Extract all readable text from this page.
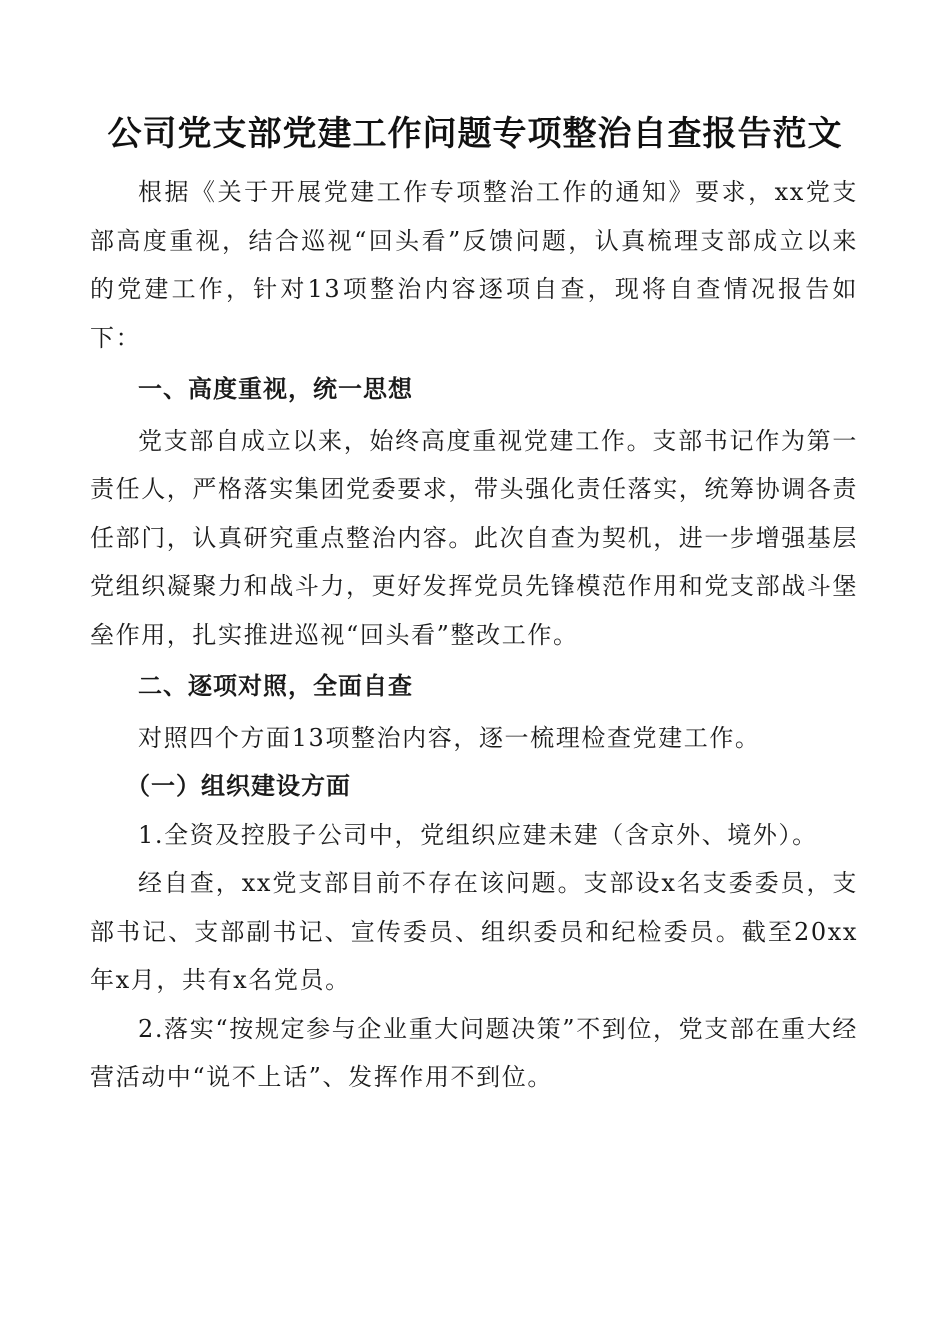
公司党支部党建工作问题专项整治自查报告范文

根据《关于开展党建工作专项整治工作的通知》要求，xx党支部高度重视，结合巡视“回头看”反馈问题，认真梳理支部成立以来的党建工作，针对13项整治内容逐项自查，现将自查情况报告如下：

一、高度重视，统一思想

党支部自成立以来，始终高度重视党建工作。支部书记作为第一责任人，严格落实集团党委要求，带头强化责任落实，统筹协调各责任部门，认真研究重点整治内容。此次自查为契机，进一步增强基层党组织凝聚力和战斗力，更好发挥党员先锋模范作用和党支部战斗堡垒作用，扎实推进巡视“回头看”整改工作。

二、逐项对照，全面自查

对照四个方面13项整治内容，逐一梳理检查党建工作。

（一）组织建设方面

1.全资及控股子公司中，党组织应建未建（含京外、境外）。

经自查，xx党支部目前不存在该问题。支部设x名支委委员，支部书记、支部副书记、宣传委员、组织委员和纪检委员。截至20xx年x月，共有x名党员。

2.落实“按规定参与企业重大问题决策”不到位，党支部在重大经营活动中“说不上话”、发挥作用不到位。
